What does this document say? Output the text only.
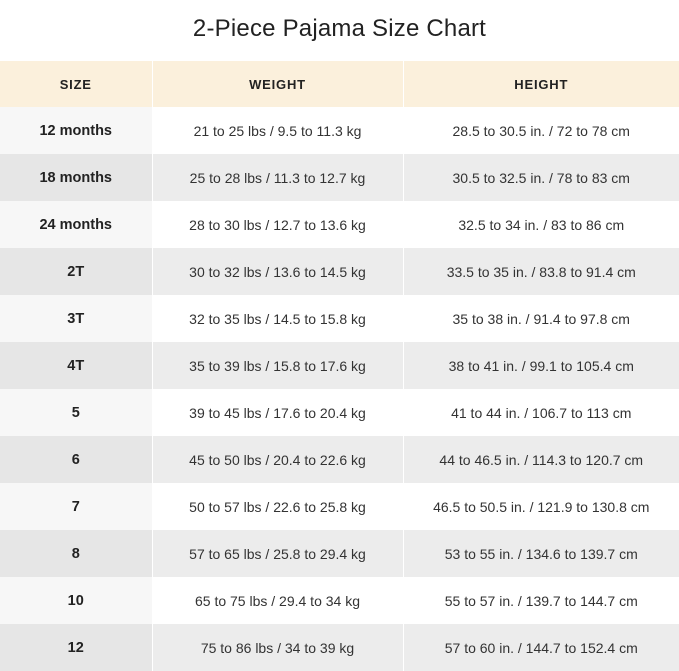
2-Piece Pajama Size Chart
SIZE	WEIGHT	HEIGHT
12 months	21 to 25 lbs / 9.5 to 11.3 kg	28.5 to 30.5 in. / 72 to 78 cm
18 months	25 to 28 lbs / 11.3 to 12.7 kg	30.5 to 32.5 in. / 78 to 83 cm
24 months	28 to 30 lbs / 12.7 to 13.6 kg	32.5 to 34 in. / 83 to 86 cm
2T	30 to 32 lbs / 13.6 to 14.5 kg	33.5 to 35 in. / 83.8 to 91.4 cm
3T	32 to 35 lbs / 14.5 to 15.8 kg	35 to 38 in. / 91.4 to 97.8 cm
4T	35 to 39 lbs / 15.8 to 17.6 kg	38 to 41 in. / 99.1 to 105.4 cm
5	39 to 45 lbs / 17.6 to 20.4 kg	41 to 44 in. / 106.7 to 113 cm
6	45 to 50 lbs / 20.4 to 22.6 kg	44 to 46.5 in. / 114.3 to 120.7 cm
7	50 to 57 lbs / 22.6 to 25.8 kg	46.5 to 50.5 in. / 121.9 to 130.8 cm
8	57 to 65 lbs / 25.8 to 29.4 kg	53 to 55 in. / 134.6 to 139.7 cm
10	65 to 75 lbs / 29.4 to 34 kg	55 to 57 in. / 139.7 to 144.7 cm
12	75 to 86 lbs / 34 to 39 kg	57 to 60 in. / 144.7 to 152.4 cm
